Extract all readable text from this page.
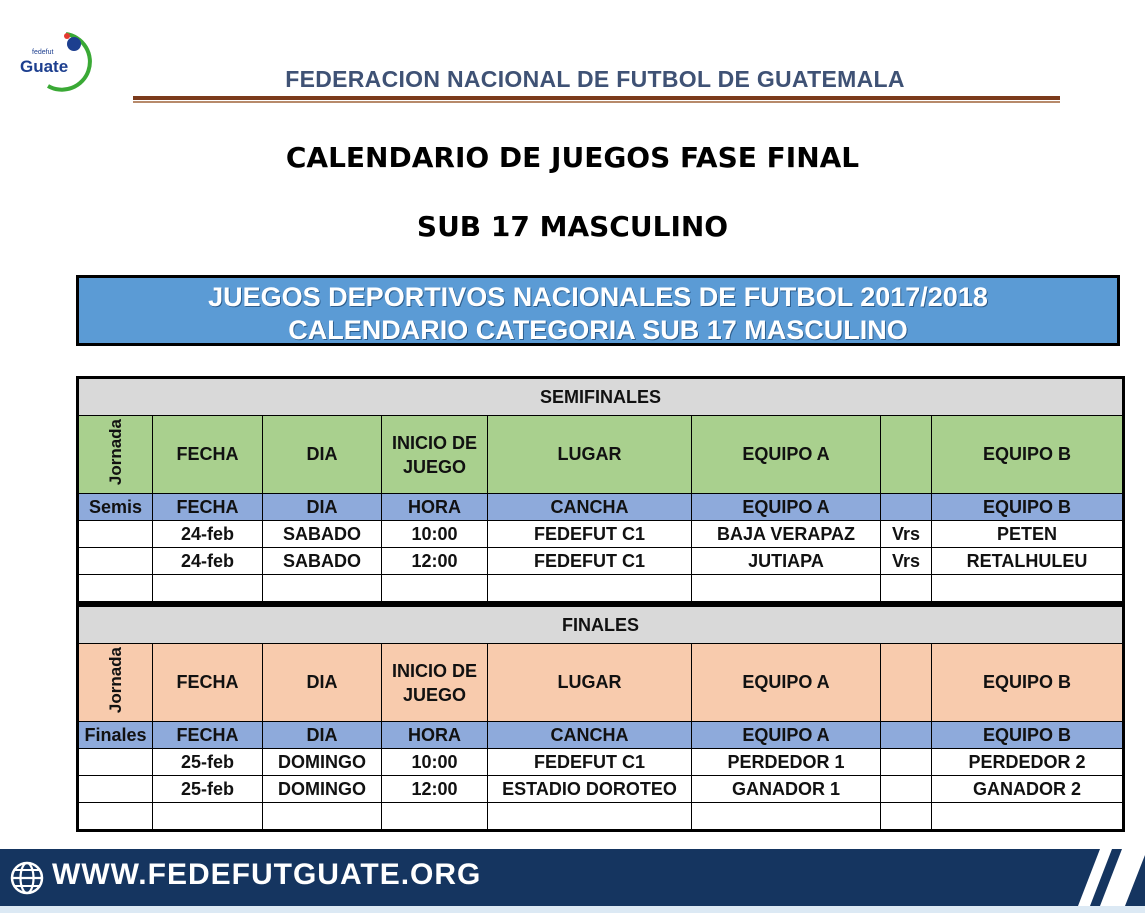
fedefut
Guate	FEDERACION NACIONAL DE FUTBOL DE GUATEMALA
CALENDARIO DE JUEGOS FASE FINAL
SUB 17 MASCULINO
JUEGOS DEPORTIVOS NACIONALES DE FUTBOL 2017/2018
CALENDARIO CATEGORIA SUB 17 MASCULINO
SEMIFINALES							
Jornada	FECHA	DIA	INICIO DE JUEGO	LUGAR	EQUIPO A		EQUIPO B
Semis	FECHA	DIA	HORA	CANCHA	EQUIPO A		EQUIPO B
	24-feb	SABADO	10:00	FEDEFUT C1	BAJA VERAPAZ	Vrs	PETEN
	24-feb	SABADO	12:00	FEDEFUT C1	JUTIAPA	Vrs	RETALHULEU

FINALES							
Jornada	FECHA	DIA	INICIO DE JUEGO	LUGAR	EQUIPO A		EQUIPO B
Finales	FECHA	DIA	HORA	CANCHA	EQUIPO A		EQUIPO B
	25-feb	DOMINGO	10:00	FEDEFUT C1	PERDEDOR 1		PERDEDOR 2
	25-feb	DOMINGO	12:00	ESTADIO DOROTEO	GANADOR 1		GANADOR 2

WWW.FEDEFUTGUATE.ORG
